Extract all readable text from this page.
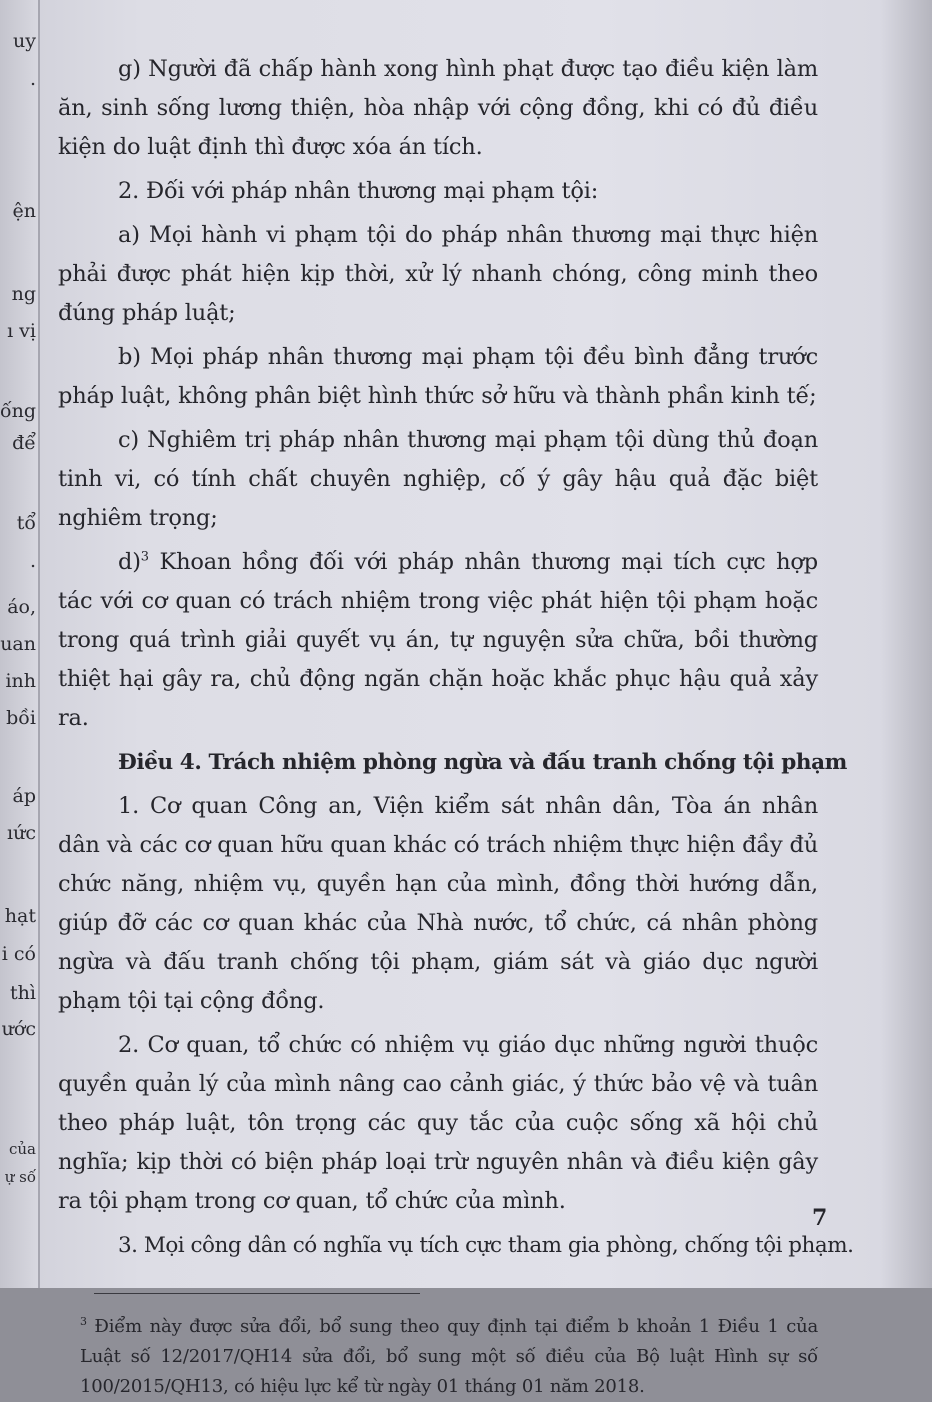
uy
.
ện
ng
ı vị
ống
để
tổ
.
áo,
uan
inh
bồi
áp
ıức
hạt
i có
thì
ước
của
ự số

g) Người đã chấp hành xong hình phạt được tạo điều kiện làm ăn, sinh sống lương thiện, hòa nhập với cộng đồng, khi có đủ điều kiện do luật định thì được xóa án tích.

2. Đối với pháp nhân thương mại phạm tội:

a) Mọi hành vi phạm tội do pháp nhân thương mại thực hiện phải được phát hiện kịp thời, xử lý nhanh chóng, công minh theo đúng pháp luật;

b) Mọi pháp nhân thương mại phạm tội đều bình đẳng trước pháp luật, không phân biệt hình thức sở hữu và thành phần kinh tế;

c) Nghiêm trị pháp nhân thương mại phạm tội dùng thủ đoạn tinh vi, có tính chất chuyên nghiệp, cố ý gây hậu quả đặc biệt nghiêm trọng;

d)$^3$ Khoan hồng đối với pháp nhân thương mại tích cực hợp tác với cơ quan có trách nhiệm trong việc phát hiện tội phạm hoặc trong quá trình giải quyết vụ án, tự nguyện sửa chữa, bồi thường thiệt hại gây ra, chủ động ngăn chặn hoặc khắc phục hậu quả xảy ra.

Điều 4. Trách nhiệm phòng ngừa và đấu tranh chống tội phạm

1. Cơ quan Công an, Viện kiểm sát nhân dân, Tòa án nhân dân và các cơ quan hữu quan khác có trách nhiệm thực hiện đầy đủ chức năng, nhiệm vụ, quyền hạn của mình, đồng thời hướng dẫn, giúp đỡ các cơ quan khác của Nhà nước, tổ chức, cá nhân phòng ngừa và đấu tranh chống tội phạm, giám sát và giáo dục người phạm tội tại cộng đồng.

2. Cơ quan, tổ chức có nhiệm vụ giáo dục những người thuộc quyền quản lý của mình nâng cao cảnh giác, ý thức bảo vệ và tuân theo pháp luật, tôn trọng các quy tắc của cuộc sống xã hội chủ nghĩa; kịp thời có biện pháp loại trừ nguyên nhân và điều kiện gây ra tội phạm trong cơ quan, tổ chức của mình.

3. Mọi công dân có nghĩa vụ tích cực tham gia phòng, chống tội phạm.

$^3$ Điểm này được sửa đổi, bổ sung theo quy định tại điểm b khoản 1 Điều 1 của Luật số 12/2017/QH14 sửa đổi, bổ sung một số điều của Bộ luật Hình sự số 100/2015/QH13, có hiệu lực kể từ ngày 01 tháng 01 năm 2018.

7
